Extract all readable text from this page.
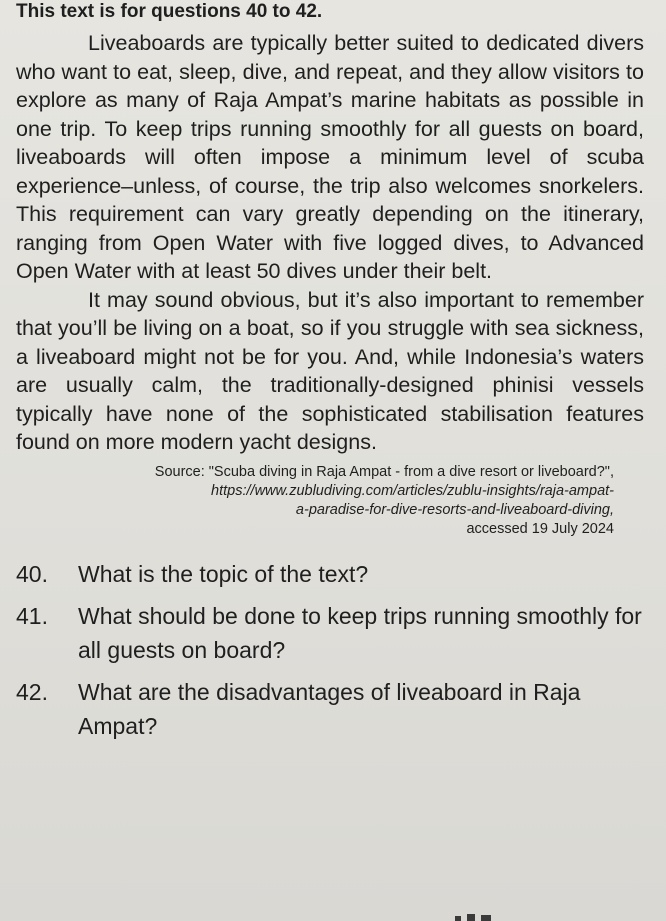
This text is for questions 40 to 42.

Liveaboards are typically better suited to dedicated divers who want to eat, sleep, dive, and repeat, and they allow visitors to explore as many of Raja Ampat’s marine habitats as possible in one trip. To keep trips running smoothly for all guests on board, liveaboards will often impose a minimum level of scuba experience–unless, of course, the trip also welcomes snorkelers. This requirement can vary greatly depending on the itinerary, ranging from Open Water with five logged dives, to Advanced Open Water with at least 50 dives under their belt.

It may sound obvious, but it’s also important to remember that you’ll be living on a boat, so if you struggle with sea sickness, a liveaboard might not be for you. And, while Indonesia’s waters are usually calm, the traditionally-designed phinisi vessels typically have none of the sophisticated stabilisation features found on more modern yacht designs.

Source: "Scuba diving in Raja Ampat - from a dive resort or liveboard?",
https://www.zubludiving.com/articles/zublu-insights/raja-ampat-
a-paradise-for-dive-resorts-and-liveaboard-diving,
accessed 19 July 2024
40.	What is the topic of the text?
41.	What should be done to keep trips running smoothly for all guests on board?
42.	What are the disadvantages of liveaboard in Raja Ampat?
